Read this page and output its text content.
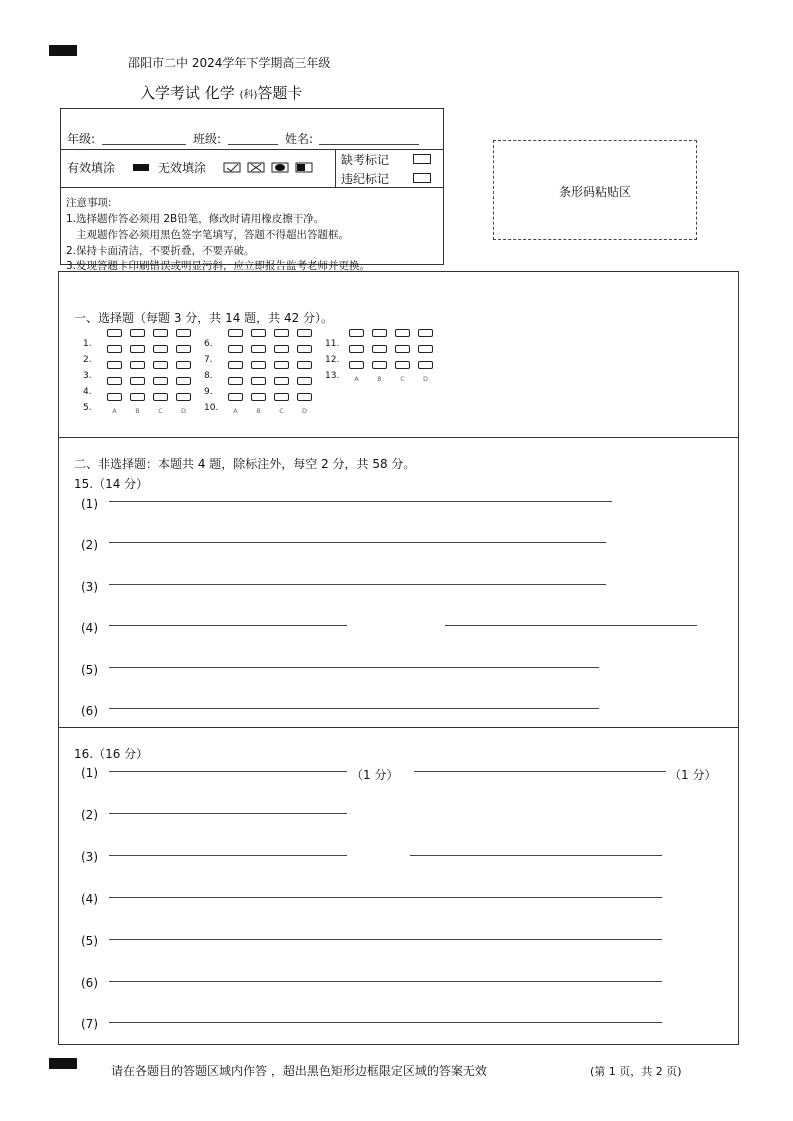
邵阳市二中 2024学年下学期高三年级
入学考试 化学 (科)答题卡
年级:	班级:	姓名:
有效填涂	无效填涂
缺考标记
违纪标记
注意事项:
1.选择题作答必须用 2B铅笔，修改时请用橡皮擦干净。
主观题作答必须用黑色签字笔填写，答题不得超出答题框。
2.保持卡面清洁，不要折叠，不要弄破。
3.发现答题卡印刷错误或明显污斜，应立即报告监考老师并更换。
条形码粘贴区
一、选择题（每题 3 分，共 14 题，共 42 分）。
1.
2.
3.
4.
5.	A	B	C	D
6.
7.
8.
9.
10.	A	B	C	D
11.
12.
13.	A	B	C	D
二、非选择题：本题共 4 题，除标注外，每空 2 分，共 58 分。
15.（14 分）
(1)
(2)
(3)
(4)
(5)
(6)
16.（16 分）
(1)	（1 分）	（1 分）
(2)
(3)
(4)
(5)
(6)
(7)
请在各题目的答题区域内作答 ，超出黑色矩形边框限定区域的答案无效	(第 1 页，共 2 页)
